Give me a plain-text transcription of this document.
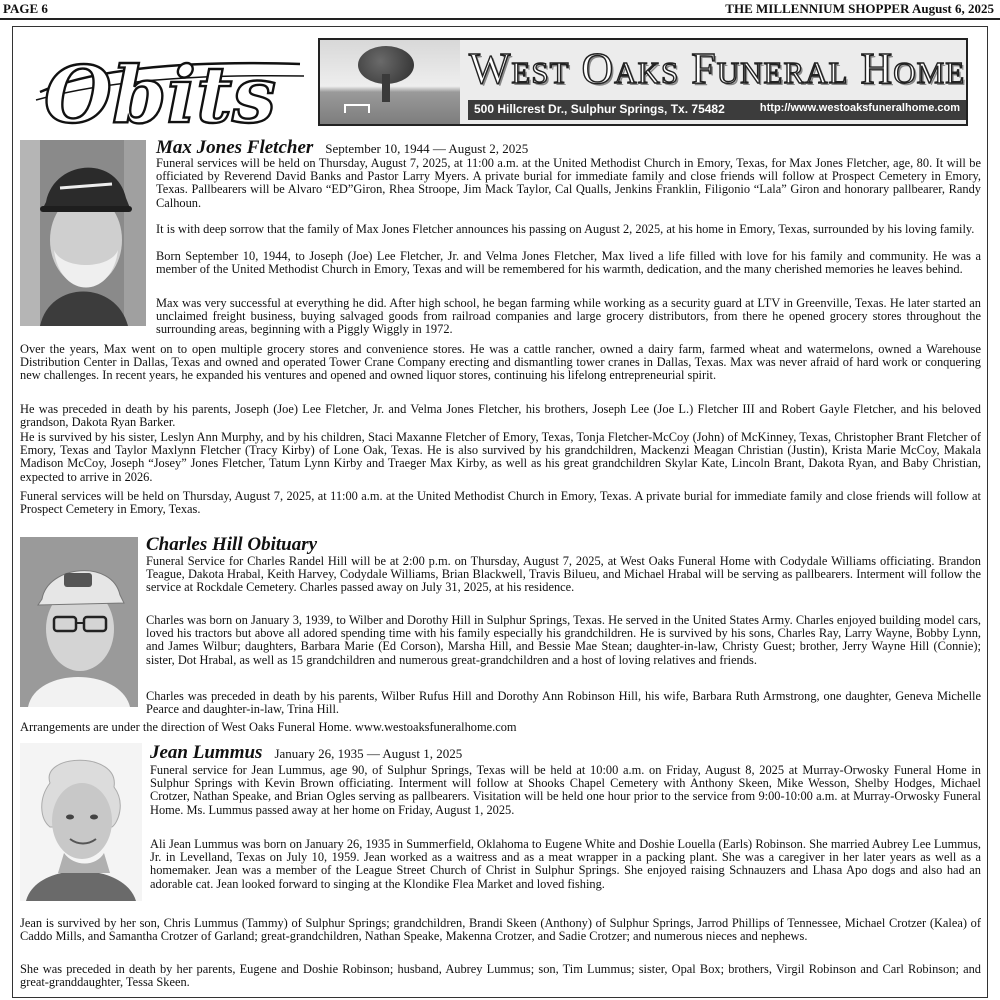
PAGE 6	THE MILLENNIUM SHOPPER August 6, 2025
Obits	West Oaks Funeral Home
500 Hillcrest Dr., Sulphur Springs, Tx. 75482	http://www.westoaksfuneralhome.com
Max Jones Fletcher September 10, 1944 — August 2, 2025

Funeral services will be held on Thursday, August 7, 2025, at 11:00 a.m. at the United Methodist Church in Emory, Texas, for Max Jones Fletcher, age, 80. It will be officiated by Reverend David Banks and Pastor Larry Myers. A private burial for immediate family and close friends will follow at Prospect Cemetery in Emory, Texas. Pallbearers will be Alvaro “ED”Giron, Rhea Stroope, Jim Mack Taylor, Cal Qualls, Jenkins Franklin, Filigonio “Lala” Giron and honorary pallbearer, Randy Calhoun.

It is with deep sorrow that the family of Max Jones Fletcher announces his passing on August 2, 2025, at his home in Emory, Texas, surrounded by his loving family.

Born September 10, 1944, to Joseph (Joe) Lee Fletcher, Jr. and Velma Jones Fletcher, Max lived a life filled with love for his family and community. He was a member of the United Methodist Church in Emory, Texas and will be remembered for his warmth, dedication, and the many cherished memories he leaves behind.

Max was very successful at everything he did. After high school, he began farming while working as a security guard at LTV in Greenville, Texas. He later started an unclaimed freight business, buying salvaged goods from railroad companies and large grocery distributors, from there he opened grocery stores throughout the surrounding areas, beginning with a Piggly Wiggly in 1972.

Over the years, Max went on to open multiple grocery stores and convenience stores. He was a cattle rancher, owned a dairy farm, farmed wheat and watermelons, owned a Warehouse Distribution Center in Dallas, Texas and owned and operated Tower Crane Company erecting and dismantling tower cranes in Dallas, Texas. Max was never afraid of hard work or conquering new challenges. In recent years, he expanded his ventures and opened and owned liquor stores, continuing his lifelong entrepreneurial spirit.

He was preceded in death by his parents, Joseph (Joe) Lee Fletcher, Jr. and Velma Jones Fletcher, his brothers, Joseph Lee (Joe L.) Fletcher III and Robert Gayle Fletcher, and his beloved grandson, Dakota Ryan Barker.

He is survived by his sister, Leslyn Ann Murphy, and by his children, Staci Maxanne Fletcher of Emory, Texas, Tonja Fletcher-McCoy (John) of McKinney, Texas, Christopher Brant Fletcher of Emory, Texas and Taylor Maxlynn Fletcher (Tracy Kirby) of Lone Oak, Texas. He is also survived by his grandchildren, Mackenzi Meagan Christian (Justin), Krista Marie McCoy, Makala Madison McCoy, Joseph “Josey” Jones Fletcher, Tatum Lynn Kirby and Traeger Max Kirby, as well as his great grandchildren Skylar Kate, Lincoln Brant, Dakota Ryan, and Baby Christian, expected to arrive in 2026.

Funeral services will be held on Thursday, August 7, 2025, at 11:00 a.m. at the United Methodist Church in Emory, Texas. A private burial for immediate family and close friends will follow at Prospect Cemetery in Emory, Texas.

Charles Hill Obituary

Funeral Service for Charles Randel Hill will be at 2:00 p.m. on Thursday, August 7, 2025, at West Oaks Funeral Home with Codydale Williams officiating. Brandon Teague, Dakota Hrabal, Keith Harvey, Codydale Williams, Brian Blackwell, Travis Bilueu, and Michael Hrabal will be serving as pallbearers. Interment will follow the service at Rockdale Cemetery. Charles passed away on July 31, 2025, at his residence.

Charles was born on January 3, 1939, to Wilber and Dorothy Hill in Sulphur Springs, Texas. He served in the United States Army. Charles enjoyed building model cars, loved his tractors but above all adored spending time with his family especially his grandchildren. He is survived by his sons, Charles Ray, Larry Wayne, Bobby Lynn, and James Wilbur; daughters, Barbara Marie (Ed Corson), Marsha Hill, and Bessie Mae Stean; daughter-in-law, Christy Guest; brother, Jerry Wayne Hill (Connie); sister, Dot Hrabal, as well as 15 grandchildren and numerous great-grandchildren and a host of loving relatives and friends.

Charles was preceded in death by his parents, Wilber Rufus Hill and Dorothy Ann Robinson Hill, his wife, Barbara Ruth Armstrong, one daughter, Geneva Michelle Pearce and daughter-in-law, Trina Hill.

Arrangements are under the direction of West Oaks Funeral Home. www.westoaksfuneralhome.com

Jean Lummus January 26, 1935 — August 1, 2025

Funeral service for Jean Lummus, age 90, of Sulphur Springs, Texas will be held at 10:00 a.m. on Friday, August 8, 2025 at Murray-Orwosky Funeral Home in Sulphur Springs with Kevin Brown officiating. Interment will follow at Shooks Chapel Cemetery with Anthony Skeen, Mike Wesson, Shelby Hodges, Michael Crotzer, Nathan Speake, and Brian Ogles serving as pallbearers. Visitation will be held one hour prior to the service from 9:00-10:00 a.m. at Murray-Orwosky Funeral Home. Ms. Lummus passed away at her home on Friday, August 1, 2025.

Ali Jean Lummus was born on January 26, 1935 in Summerfield, Oklahoma to Eugene White and Doshie Louella (Earls) Robinson. She married Aubrey Lee Lummus, Jr. in Levelland, Texas on July 10, 1959. Jean worked as a waitress and as a meat wrapper in a packing plant. She was a caregiver in her later years as well as a homemaker. Jean was a member of the League Street Church of Christ in Sulphur Springs. She enjoyed raising Schnauzers and Lhasa Apo dogs and also had an adorable cat. Jean looked forward to singing at the Klondike Flea Market and loved fishing.

Jean is survived by her son, Chris Lummus (Tammy) of Sulphur Springs; grandchildren, Brandi Skeen (Anthony) of Sulphur Springs, Jarrod Phillips of Tennessee, Michael Crotzer (Kalea) of Caddo Mills, and Samantha Crotzer of Garland; great-grandchildren, Nathan Speake, Makenna Crotzer, and Sadie Crotzer; and numerous nieces and nephews.

She was preceded in death by her parents, Eugene and Doshie Robinson; husband, Aubrey Lummus; son, Tim Lummus; sister, Opal Box; brothers, Virgil Robinson and Carl Robinson; and great-granddaughter, Tessa Skeen.
